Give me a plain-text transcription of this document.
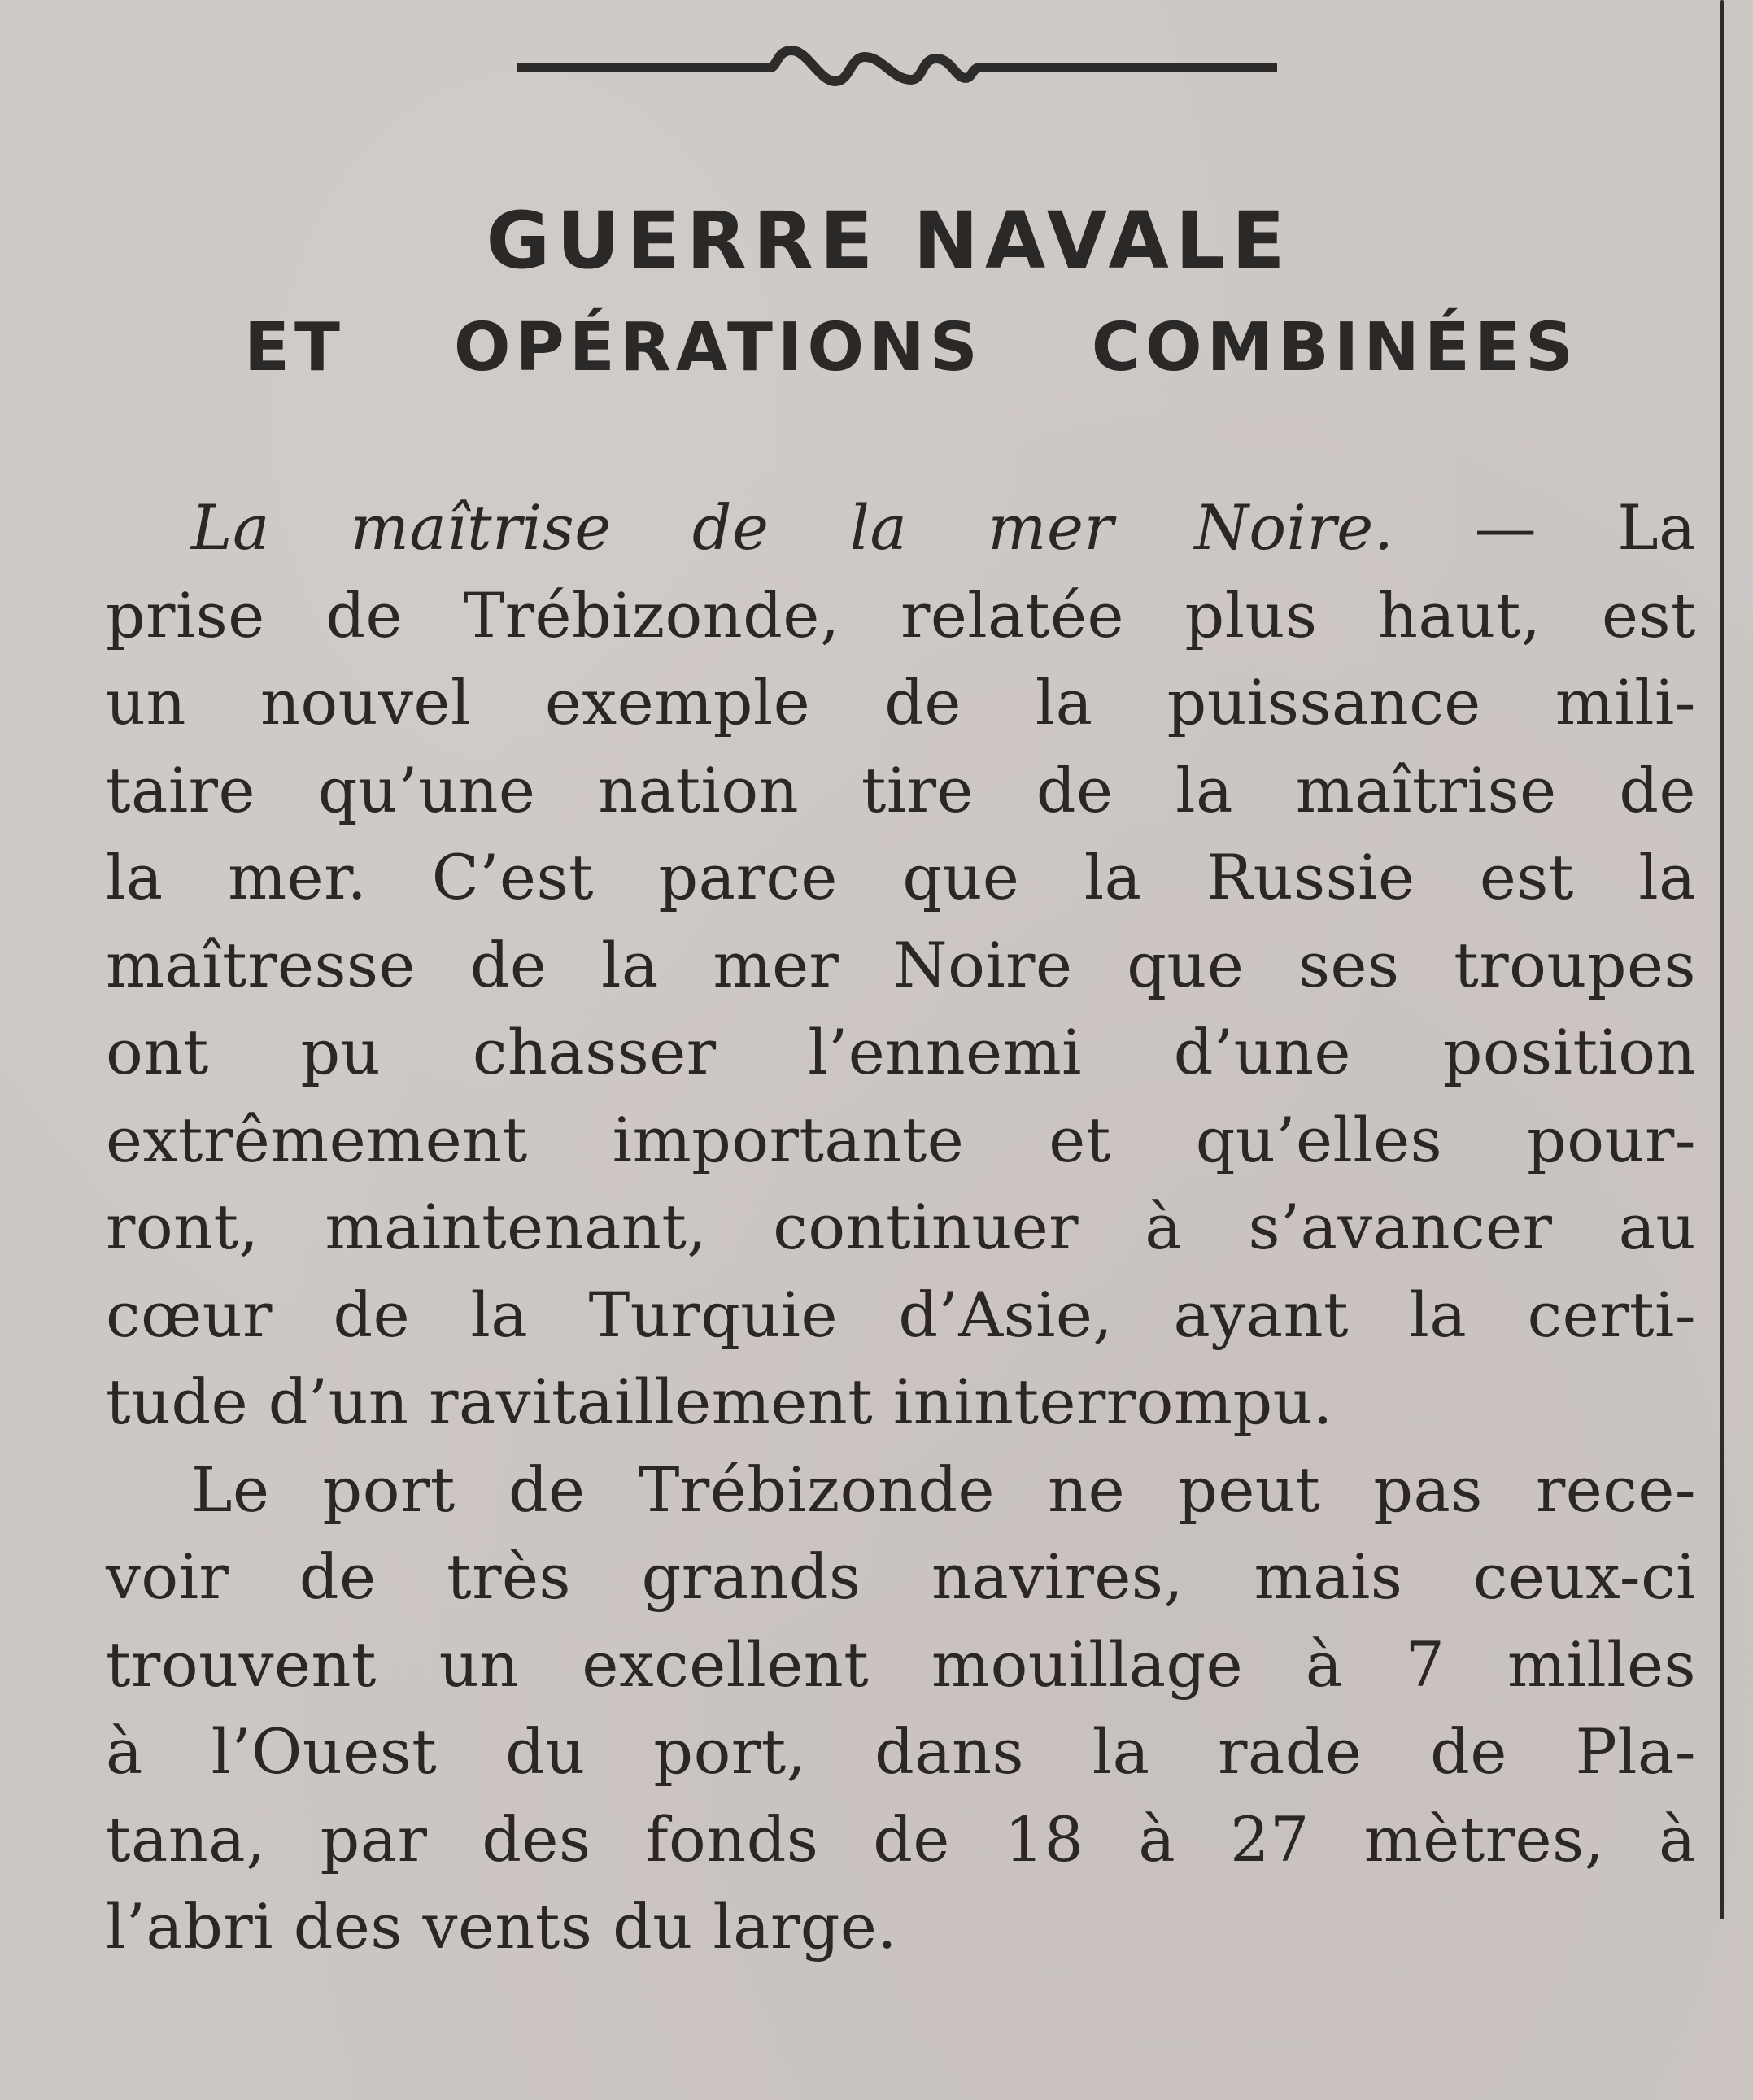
GUERRE NAVALE
ET OPÉRATIONS COMBINÉES
La maîtrise de la mer Noire. — La
prise de Trébizonde, relatée plus haut, est
un nouvel exemple de la puissance mili-
taire qu’une nation tire de la maîtrise de
la mer. C’est parce que la Russie est la
maîtresse de la mer Noire que ses troupes
ont pu chasser l’ennemi d’une position
extrêmement importante et qu’elles pour-
ront, maintenant, continuer à s’avancer au
cœur de la Turquie d’Asie, ayant la certi-
tude d’un ravitaillement ininterrompu.
Le port de Trébizonde ne peut pas rece-
voir de très grands navires, mais ceux-ci
trouvent un excellent mouillage à 7 milles
à l’Ouest du port, dans la rade de Pla-
tana, par des fonds de 18 à 27 mètres, à
l’abri des vents du large.
